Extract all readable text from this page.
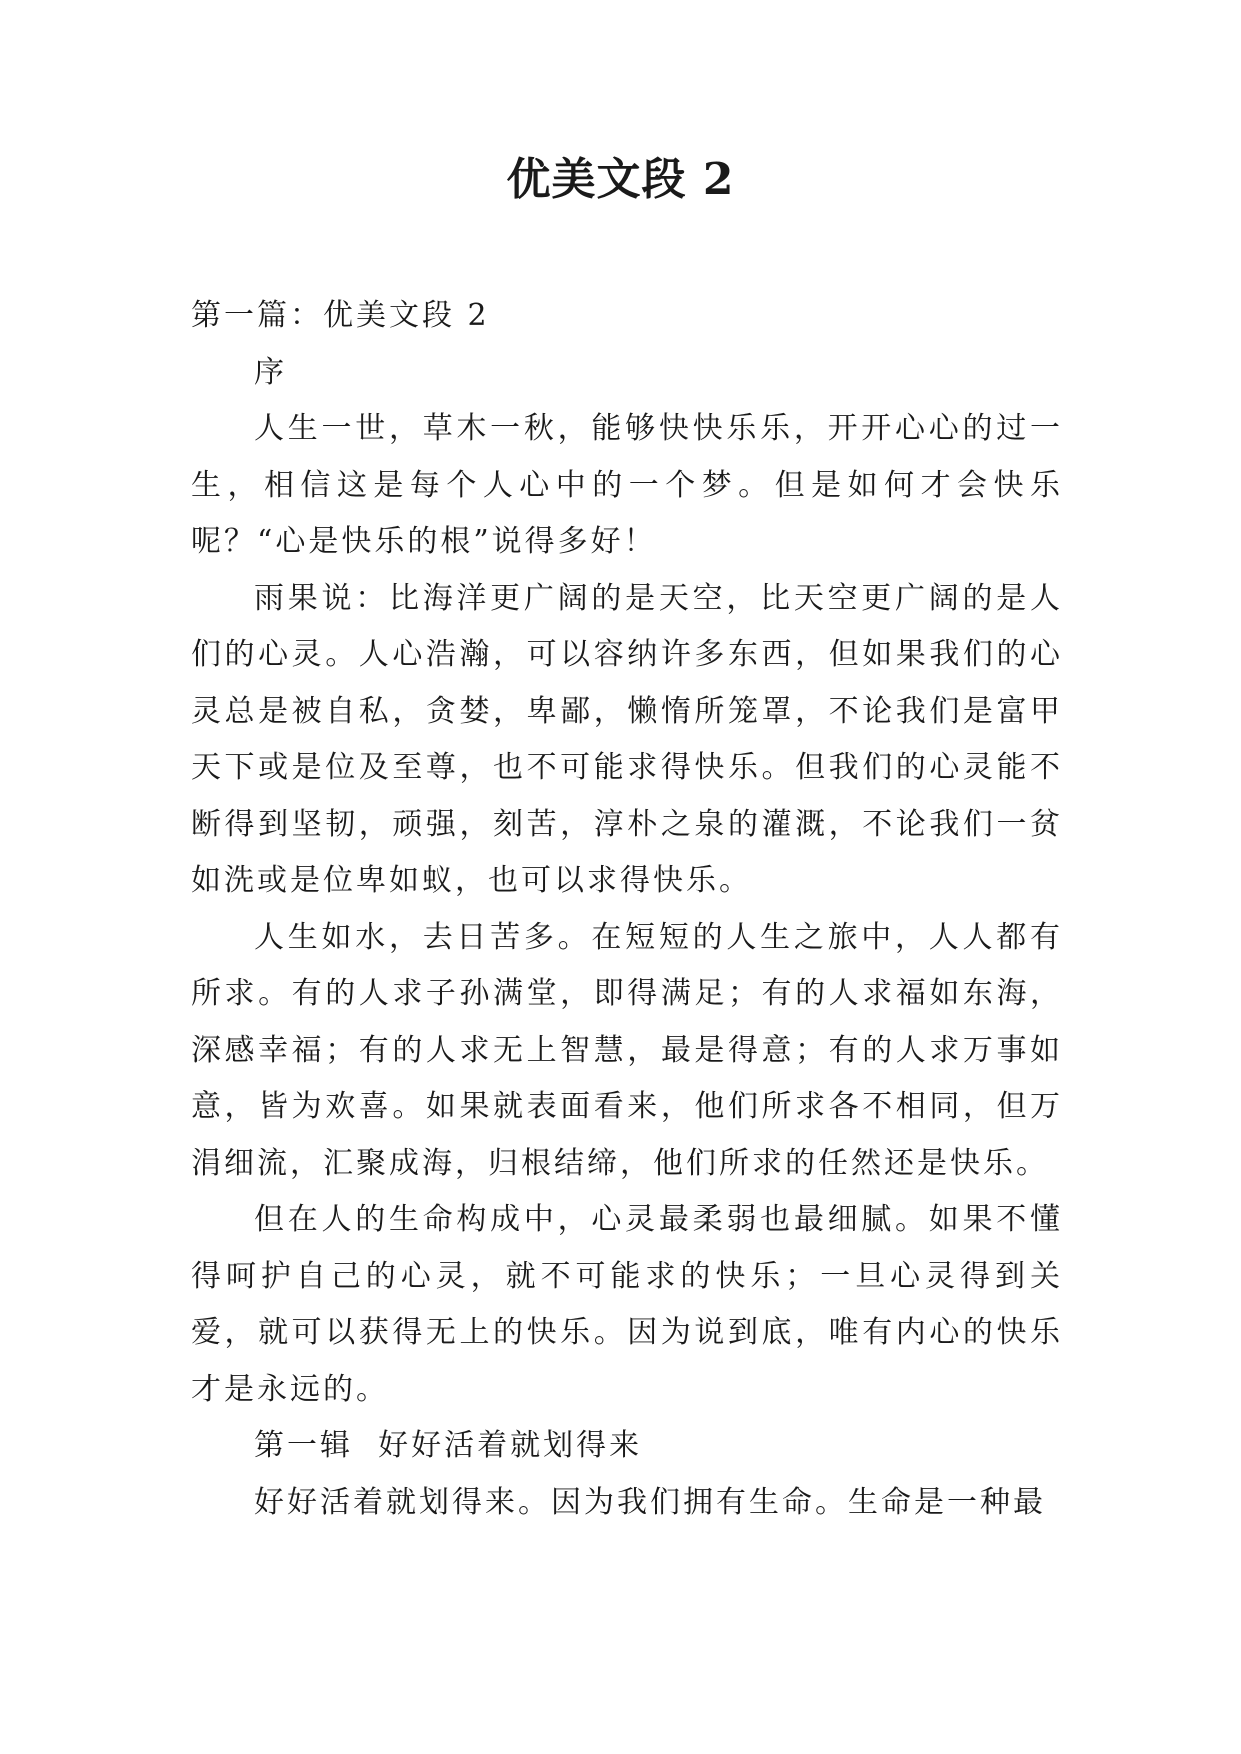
优美文段 2

第一篇：优美文段 2

序

人生一世，草木一秋，能够快快乐乐，开开心心的过一生，相信这是每个人心中的一个梦。但是如何才会快乐呢？“心是快乐的根”说得多好！

雨果说：比海洋更广阔的是天空，比天空更广阔的是人们的心灵。人心浩瀚，可以容纳许多东西，但如果我们的心灵总是被自私，贪婪，卑鄙，懒惰所笼罩，不论我们是富甲天下或是位及至尊，也不可能求得快乐。但我们的心灵能不断得到坚韧，顽强，刻苦，淳朴之泉的灌溉，不论我们一贫如洗或是位卑如蚁，也可以求得快乐。

人生如水，去日苦多。在短短的人生之旅中，人人都有所求。有的人求子孙满堂，即得满足；有的人求福如东海，深感幸福；有的人求无上智慧，最是得意；有的人求万事如意，皆为欢喜。如果就表面看来，他们所求各不相同，但万涓细流，汇聚成海，归根结缔，他们所求的任然还是快乐。

但在人的生命构成中，心灵最柔弱也最细腻。如果不懂得呵护自己的心灵，就不可能求的快乐；一旦心灵得到关爱，就可以获得无上的快乐。因为说到底，唯有内心的快乐才是永远的。

第一辑  好好活着就划得来

好好活着就划得来。因为我们拥有生命。生命是一种最
